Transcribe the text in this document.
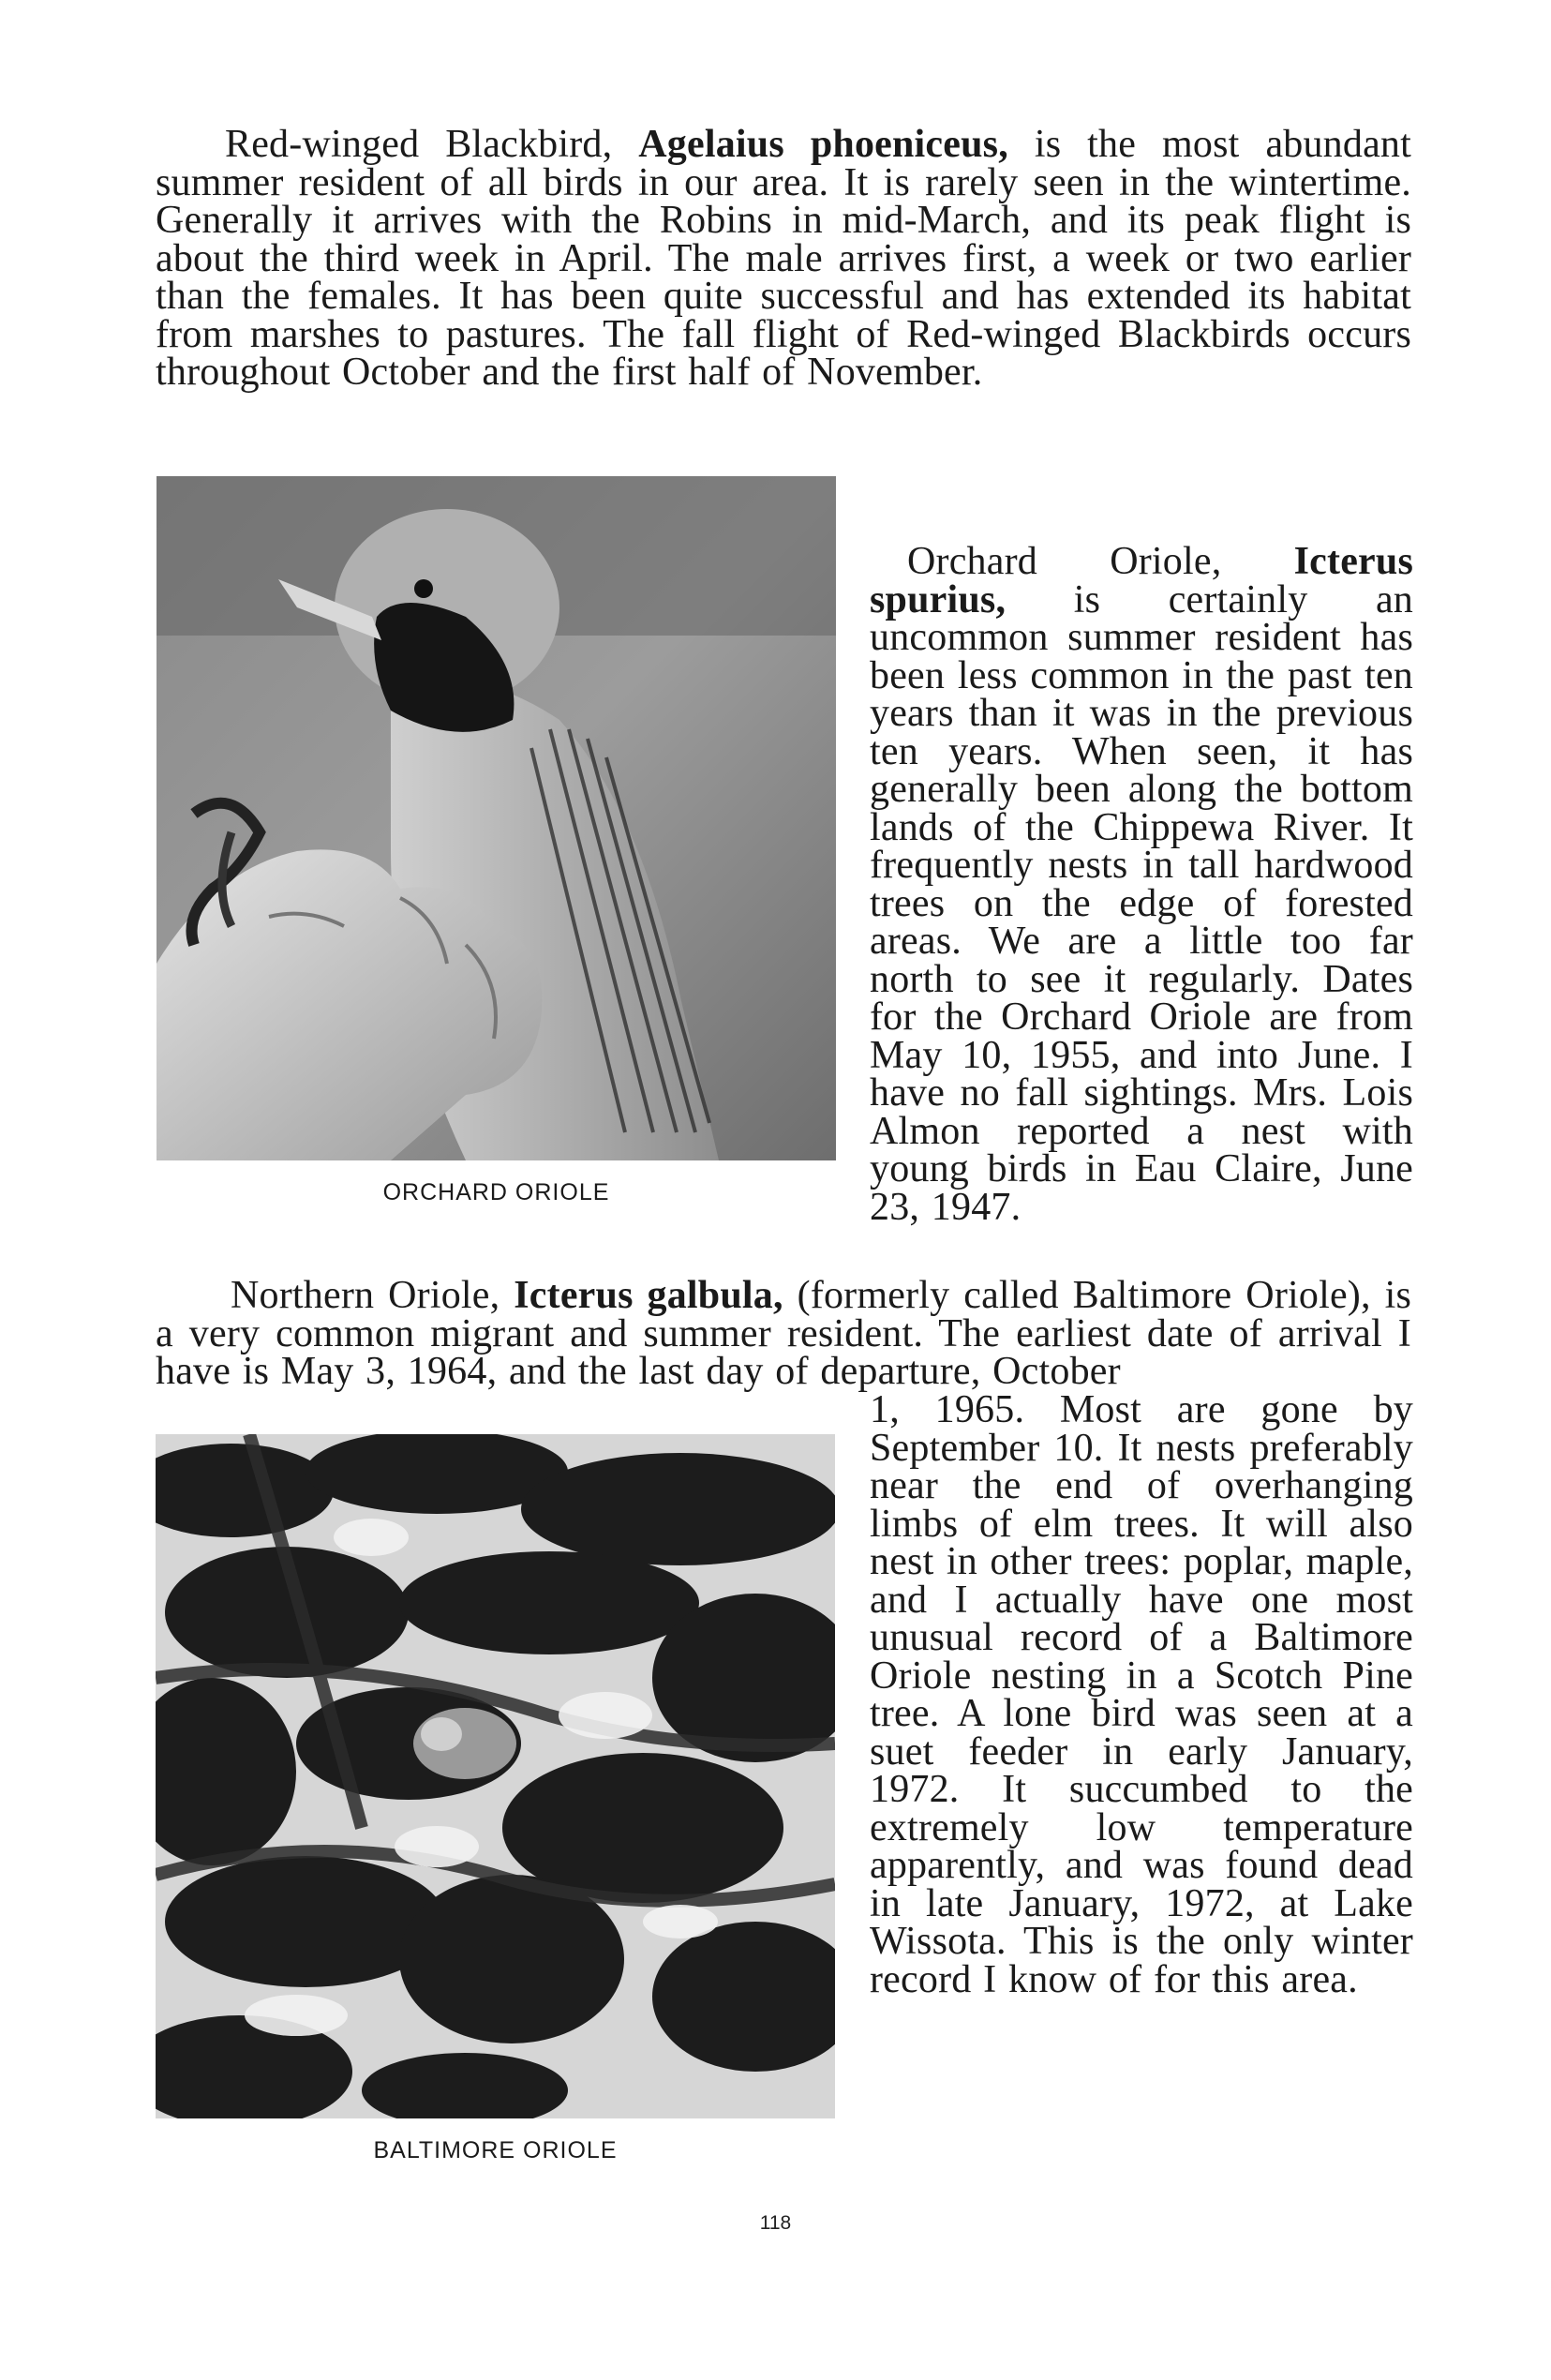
Red-winged Blackbird, Agelaius phoeniceus, is the most abundant summer resident of all birds in our area. It is rarely seen in the wintertime. Generally it arrives with the Robins in mid-March, and its peak flight is about the third week in April. The male arrives first, a week or two earlier than the females. It has been quite successful and has extended its habitat from marshes to pastures. The fall flight of Red-winged Blackbirds occurs throughout October and the first half of November.

ORCHARD ORIOLE

Orchard Oriole, Icterus spurius, is certainly an uncommon summer resident has been less common in the past ten years than it was in the previous ten years. When seen, it has generally been along the bottom lands of the Chippewa River. It frequently nests in tall hardwood trees on the edge of forested areas. We are a little too far north to see it regularly. Dates for the Orchard Oriole are from May 10, 1955, and into June. I have no fall sightings. Mrs. Lois Almon reported a nest with young birds in Eau Claire, June 23, 1947.

Northern Oriole, Icterus galbula, (formerly called Baltimore Oriole), is a very common migrant and summer resident. The earliest date of arrival I have is May 3, 1964, and the last day of departure, October

BALTIMORE ORIOLE

1, 1965. Most are gone by September 10. It nests preferably near the end of overhanging limbs of elm trees. It will also nest in other trees: poplar, maple, and I actually have one most unusual record of a Baltimore Oriole nesting in a Scotch Pine tree. A lone bird was seen at a suet feeder in early January, 1972. It succumbed to the extremely low temperature apparently, and was found dead in late January, 1972, at Lake Wissota. This is the only winter record I know of for this area.

118
